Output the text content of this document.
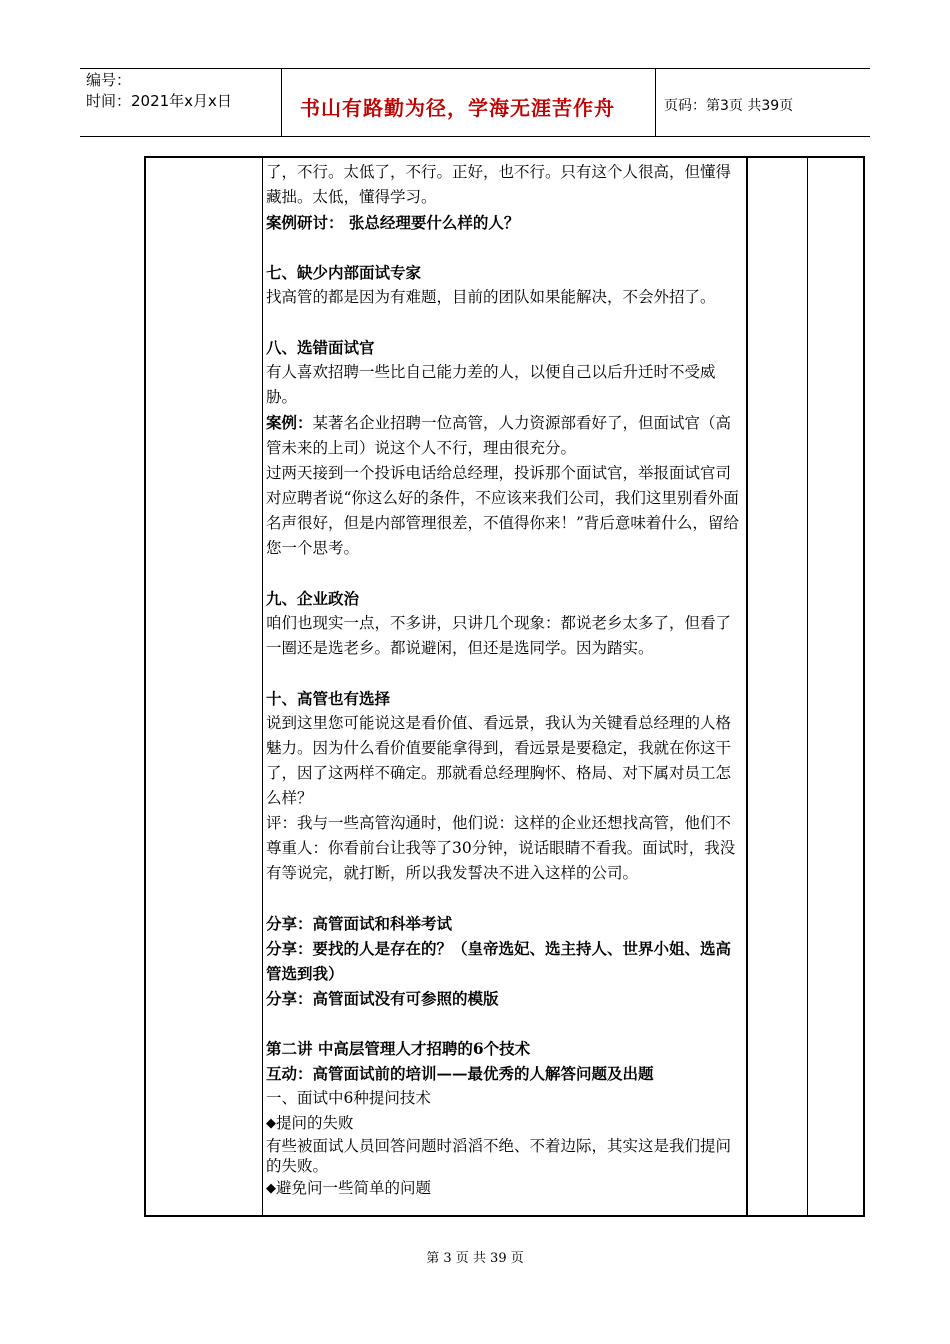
编号：
时间：2021年x月x日	书山有路勤为径，学海无涯苦作舟	页码：第3页 共39页

了，不行。太低了，不行。正好，也不行。只有这个人很高，但懂得藏拙。太低，懂得学习。

案例研讨： 张总经理要什么样的人？

七、缺少内部面试专家

找高管的都是因为有难题，目前的团队如果能解决，不会外招了。

八、选错面试官

有人喜欢招聘一些比自己能力差的人，以便自己以后升迁时不受威胁。

案例：某著名企业招聘一位高管，人力资源部看好了，但面试官（高管未来的上司）说这个人不行，理由很充分。

过两天接到一个投诉电话给总经理，投诉那个面试官，举报面试官司对应聘者说“你这么好的条件，不应该来我们公司，我们这里别看外面名声很好，但是内部管理很差，不值得你来！”背后意味着什么，留给您一个思考。

九、企业政治

咱们也现实一点，不多讲，只讲几个现象：都说老乡太多了，但看了一圈还是选老乡。都说避闲，但还是选同学。因为踏实。

十、高管也有选择

说到这里您可能说这是看价值、看远景，我认为关键看总经理的人格魅力。因为什么看价值要能拿得到，看远景是要稳定，我就在你这干了，因了这两样不确定。那就看总经理胸怀、格局、对下属对员工怎么样？

评：我与一些高管沟通时，他们说：这样的企业还想找高管，他们不尊重人：你看前台让我等了30分钟，说话眼睛不看我。面试时，我没有等说完，就打断，所以我发誓决不进入这样的公司。

分享：高管面试和科举考试

分享：要找的人是存在的？（皇帝选妃、选主持人、世界小姐、选高管选到我）

分享：高管面试没有可参照的模版

第二讲 中高层管理人才招聘的6个技术

互动：高管面试前的培训——最优秀的人解答问题及出题

一、面试中6种提问技术

◆提问的失败

有些被面试人员回答问题时滔滔不绝、不着边际，其实这是我们提问的失败。

◆避免问一些简单的问题

第 3 页 共 39 页
